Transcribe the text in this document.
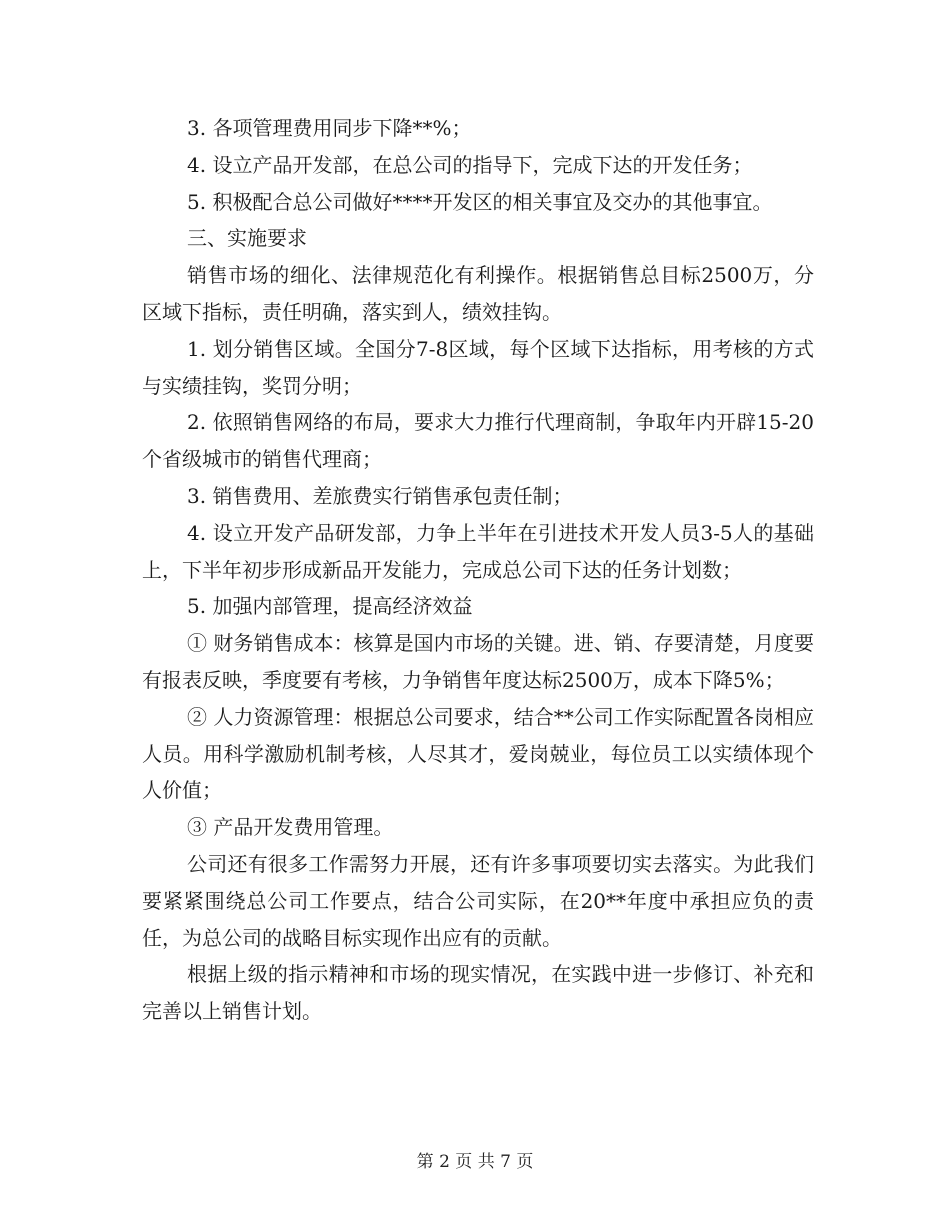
3. 各项管理费用同步下降**%；

4. 设立产品开发部，在总公司的指导下，完成下达的开发任务；

5. 积极配合总公司做好****开发区的相关事宜及交办的其他事宜。

三、实施要求

销售市场的细化、法律规范化有利操作。根据销售总目标2500万，分区域下指标，责任明确，落实到人，绩效挂钩。

1. 划分销售区域。全国分7-8区域，每个区域下达指标，用考核的方式与实绩挂钩，奖罚分明；

2. 依照销售网络的布局，要求大力推行代理商制，争取年内开辟15-20个省级城市的销售代理商；

3. 销售费用、差旅费实行销售承包责任制；

4. 设立开发产品研发部，力争上半年在引进技术开发人员3-5人的基础上，下半年初步形成新品开发能力，完成总公司下达的任务计划数；

5. 加强内部管理，提高经济效益

① 财务销售成本：核算是国内市场的关键。进、销、存要清楚，月度要有报表反映，季度要有考核，力争销售年度达标2500万，成本下降5%；

② 人力资源管理：根据总公司要求，结合**公司工作实际配置各岗相应人员。用科学激励机制考核，人尽其才，爱岗兢业，每位员工以实绩体现个人价值；

③ 产品开发费用管理。

公司还有很多工作需努力开展，还有许多事项要切实去落实。为此我们要紧紧围绕总公司工作要点，结合公司实际，在20**年度中承担应负的责任，为总公司的战略目标实现作出应有的贡献。

根据上级的指示精神和市场的现实情况，在实践中进一步修订、补充和完善以上销售计划。

第 2 页 共 7 页
